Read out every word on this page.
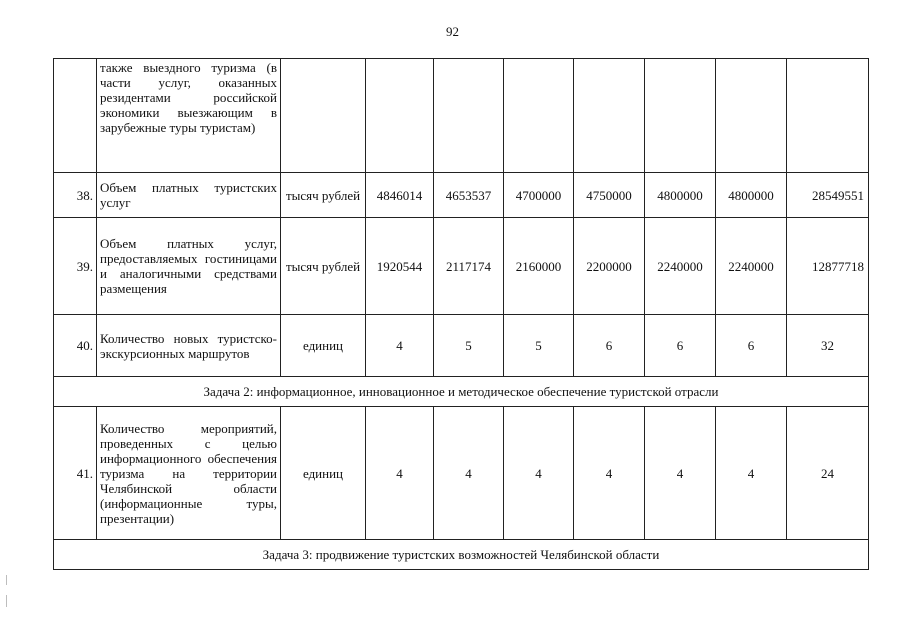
92
	также выездного туризма (в части услуг, оказанных резидентами российской экономики выезжающим в зарубежные туры туристам)								
38.	Объем платных туристских услуг	тысяч рублей	4846014	4653537	4700000	4750000	4800000	4800000	28549551
39.	Объем платных услуг, предоставляемых гостиницами и аналогичными средствами размещения	тысяч рублей	1920544	2117174	2160000	2200000	2240000	2240000	12877718
40.	Количество новых туристско-экскурсионных маршрутов	единиц	4	5	5	6	6	6	32
Задача 2: информационное, инновационное и методическое обеспечение туристской отрасли									
41.	Количество мероприятий, проведенных с целью информационного обеспечения туризма на территории Челябинской области (информационные туры, презентации)	единиц	4	4	4	4	4	4	24
Задача 3: продвижение туристских возможностей Челябинской области									
